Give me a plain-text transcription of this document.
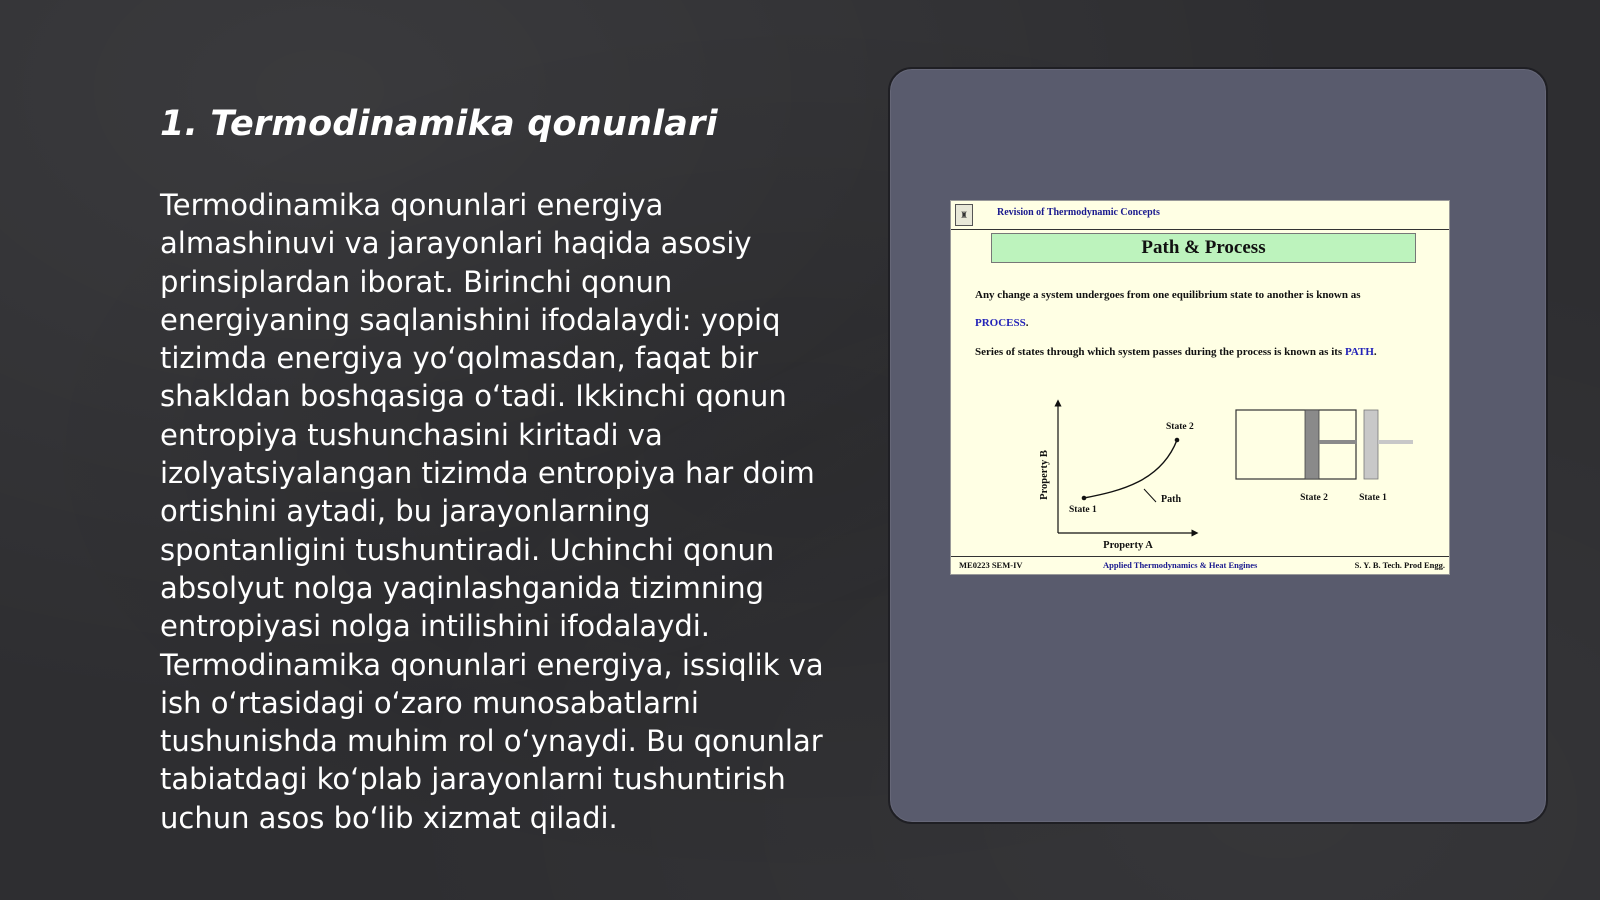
1. Termodinamika qonunlari

Termodinamika qonunlari energiya almashinuvi va jarayonlari haqida asosiy prinsiplardan iborat. Birinchi qonun energiyaning saqlanishini ifodalaydi: yopiq tizimda energiya yo‘qolmasdan, faqat bir shakldan boshqasiga o‘tadi. Ikkinchi qonun entropiya tushunchasini kiritadi va izolyatsiyalangan tizimda entropiya har doim ortishini aytadi, bu jarayonlarning spontanligini tushuntiradi. Uchinchi qonun absolyut nolga yaqinlashganida tizimning entropiyasi nolga intilishini ifodalaydi. Termodinamika qonunlari energiya, issiqlik va ish o‘rtasidagi o‘zaro munosabatlarni tushunishda muhim rol o‘ynaydi. Bu qonunlar tabiatdagi ko‘plab jarayonlarni tushuntirish uchun asos bo‘lib xizmat qiladi.

♜	Revision of Thermodynamic Concepts
Path & Process
Any change a system undergoes from one equilibrium state to another is known as
PROCESS.
Series of states through which system passes during the process is known as its PATH.
Property B
Property A
State 1
State 2
Path	State 2	State 1
ME0223 SEM-IV	Applied Thermodynamics & Heat Engines	S. Y. B. Tech. Prod Engg.
